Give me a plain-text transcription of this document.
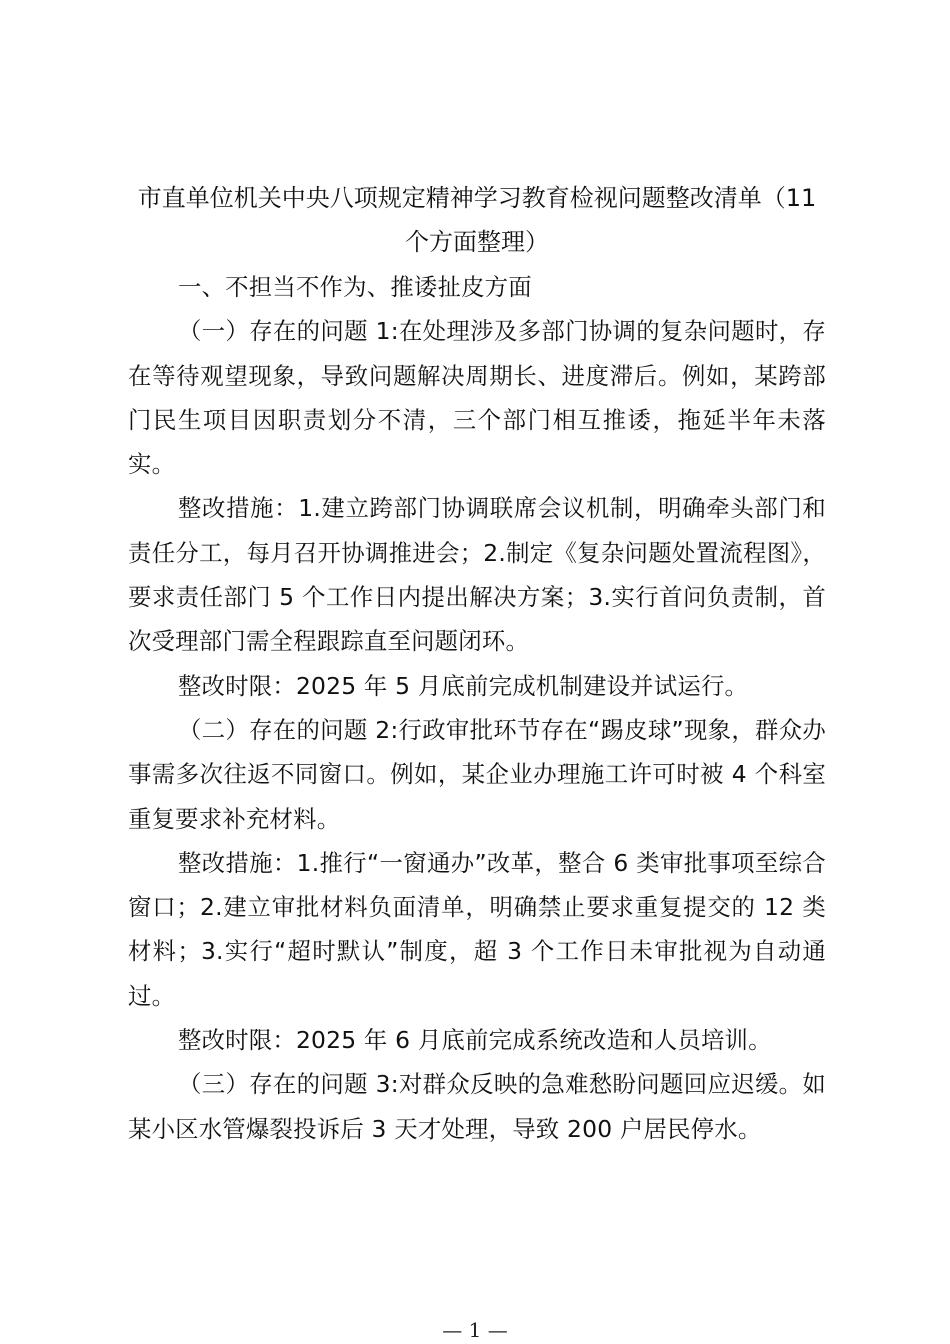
市直单位机关中央八项规定精神学习教育检视问题整改清单（11个方面整理）

一、不担当不作为、推诿扯皮方面

（一）存在的问题 1:在处理涉及多部门协调的复杂问题时，存在等待观望现象，导致问题解决周期长、进度滞后。例如，某跨部门民生项目因职责划分不清，三个部门相互推诿，拖延半年未落实。

整改措施：1.建立跨部门协调联席会议机制，明确牵头部门和责任分工，每月召开协调推进会；2.制定《复杂问题处置流程图》，要求责任部门 5 个工作日内提出解决方案；3.实行首问负责制，首次受理部门需全程跟踪直至问题闭环。

整改时限：2025 年 5 月底前完成机制建设并试运行。

（二）存在的问题 2:行政审批环节存在“踢皮球”现象，群众办事需多次往返不同窗口。例如，某企业办理施工许可时被 4 个科室重复要求补充材料。

整改措施：1.推行“一窗通办”改革，整合 6 类审批事项至综合窗口；2.建立审批材料负面清单，明确禁止要求重复提交的 12 类材料；3.实行“超时默认”制度，超 3 个工作日未审批视为自动通过。

整改时限：2025 年 6 月底前完成系统改造和人员培训。

（三）存在的问题 3:对群众反映的急难愁盼问题回应迟缓。如某小区水管爆裂投诉后 3 天才处理，导致 200 户居民停水。

— 1 —
